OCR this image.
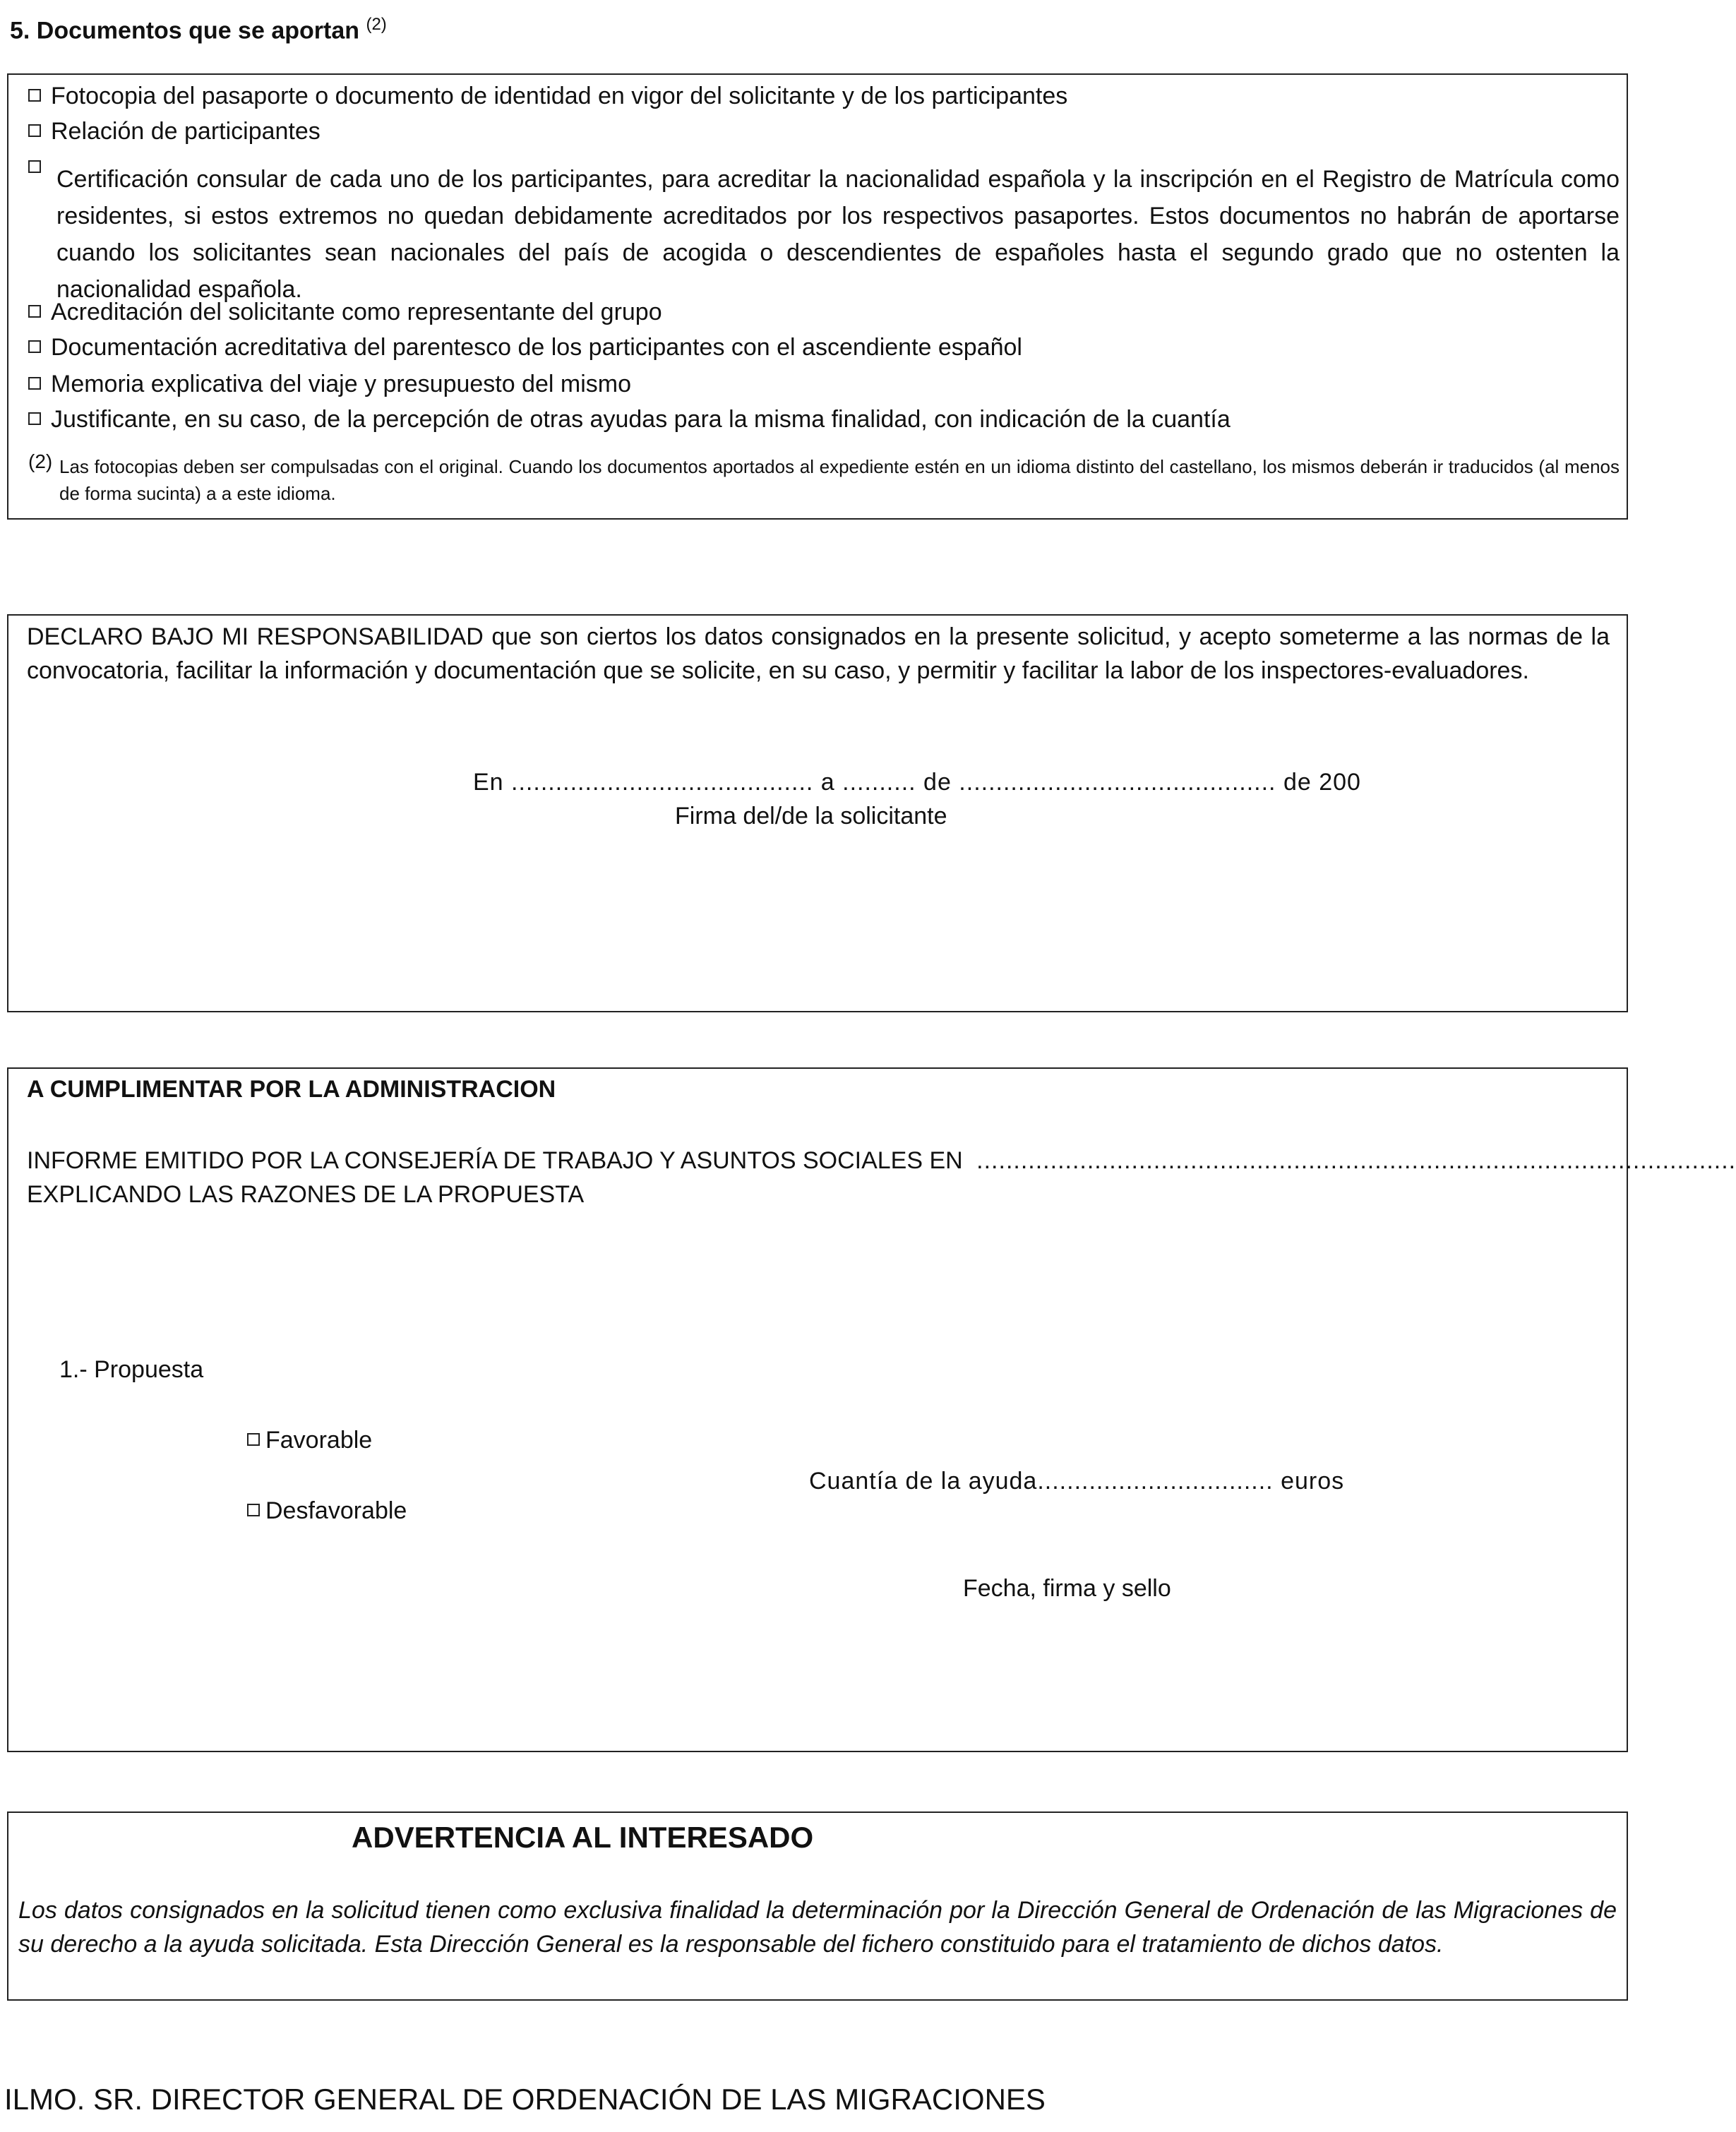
5. Documentos que se aportan $^{(2)}$
Fotocopia del pasaporte o documento de identidad en vigor del solicitante y de los participantes
Relación de participantes
Certificación consular de cada uno de los participantes, para acreditar la nacionalidad española y la inscripción en el Registro de Matrícula como residentes, si estos extremos no quedan debidamente acreditados por los respectivos pasaportes. Estos documentos no habrán de aportarse cuando los solicitantes sean nacionales del país de acogida o descendientes de españoles hasta el segundo grado que no ostenten la nacionalidad española.
Acreditación del solicitante como representante del grupo
Documentación acreditativa del parentesco de los participantes con el ascendiente español
Memoria explicativa del viaje y presupuesto del mismo
Justificante, en su caso, de la percepción de otras ayudas para la misma finalidad, con indicación de la cuantía
(2) Las fotocopias deben ser compulsadas con el original. Cuando los documentos aportados al expediente estén en un idioma distinto del castellano, los mismos deberán ir traducidos (al menos de forma sucinta) a a este idioma.
DECLARO BAJO MI RESPONSABILIDAD que son ciertos los datos consignados en la presente solicitud, y acepto someterme a las normas de la convocatoria, facilitar la información y documentación que se solicite, en su caso, y permitir y facilitar la labor de los inspectores-evaluadores.
En ......................................... a .......... de ........................................... de 200
Firma del/de la solicitante
A CUMPLIMENTAR POR LA ADMINISTRACION
INFORME EMITIDO POR LA CONSEJERÍA DE TRABAJO Y ASUNTOS SOCIALES EN .......................................................................................................
EXPLICANDO LAS RAZONES DE LA PROPUESTA
1.- Propuesta
Favorable
Desfavorable
Cuantía de la ayuda................................ euros
Fecha, firma y sello
ADVERTENCIA AL INTERESADO
Los datos consignados en la solicitud tienen como exclusiva finalidad la determinación por la Dirección General de Ordenación de las Migraciones de su derecho a la ayuda solicitada. Esta Dirección General es la responsable del fichero constituido para el tratamiento de dichos datos.
ILMO. SR. DIRECTOR GENERAL DE ORDENACIÓN DE LAS MIGRACIONES
